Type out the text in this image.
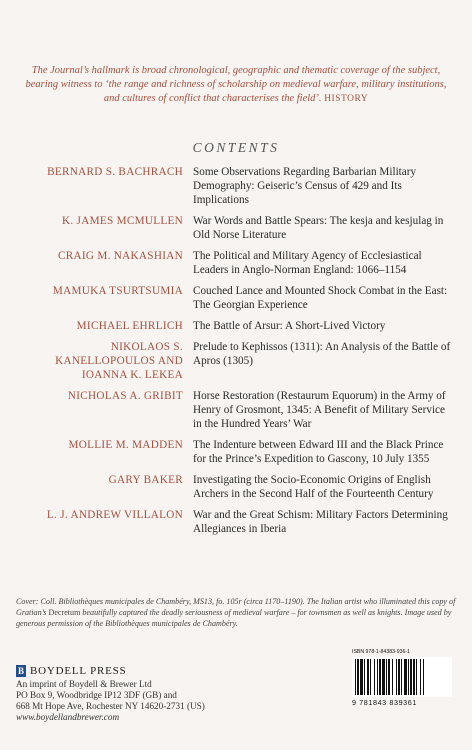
The Journal’s hallmark is broad chronological, geographic and thematic coverage of the subject, bearing witness to ‘the range and richness of scholarship on medieval warfare, military institutions, and cultures of conflict that characterises the field’. HISTORY
CONTENTS
BERNARD S. BACHRACH Some Observations Regarding Barbarian Military Demography: Geiseric’s Census of 429 and Its Implications
K. JAMES MCMULLEN War Words and Battle Spears: The kesja and kesjulag in Old Norse Literature
CRAIG M. NAKASHIAN The Political and Military Agency of Ecclesiastical Leaders in Anglo-Norman England: 1066–1154
MAMUKA TSURTSUMIA Couched Lance and Mounted Shock Combat in the East: The Georgian Experience
MICHAEL EHRLICH The Battle of Arsur: A Short-Lived Victory
NIKOLAOS S. KANELLOPOULOS AND IOANNA K. LEKEA
Prelude to Kephissos (1311): An Analysis of the Battle of Apros (1305)
NICHOLAS A. GRIBIT Horse Restoration (Restaurum Equorum) in the Army of Henry of Grosmont, 1345: A Benefit of Military Service in the Hundred Years’ War
MOLLIE M. MADDEN The Indenture between Edward III and the Black Prince for the Prince’s Expedition to Gascony, 10 July 1355
GARY BAKER Investigating the Socio-Economic Origins of English Archers in the Second Half of the Fourteenth Century
L. J. ANDREW VILLALON War and the Great Schism: Military Factors Determining Allegiances in Iberia
Cover: Coll. Bibliothèques municipales de Chambéry, MS13, fo. 105r (circa 1170–1190). The Italian artist who illuminated this copy of Gratian’s Decretum beautifully captured the deadly seriousness of medieval warfare – for townsmen as well as knights. Image used by generous permission of the Bibliothèques municipales de Chambéry.
B BOYDELL PRESS
An imprint of Boydell & Brewer Ltd
PO Box 9, Woodbridge IP12 3DF (GB) and
668 Mt Hope Ave, Rochester NY 14620-2731 (US)
www.boydellandbrewer.com
ISBN 978-1-84383-936-1
9 781843 839361
